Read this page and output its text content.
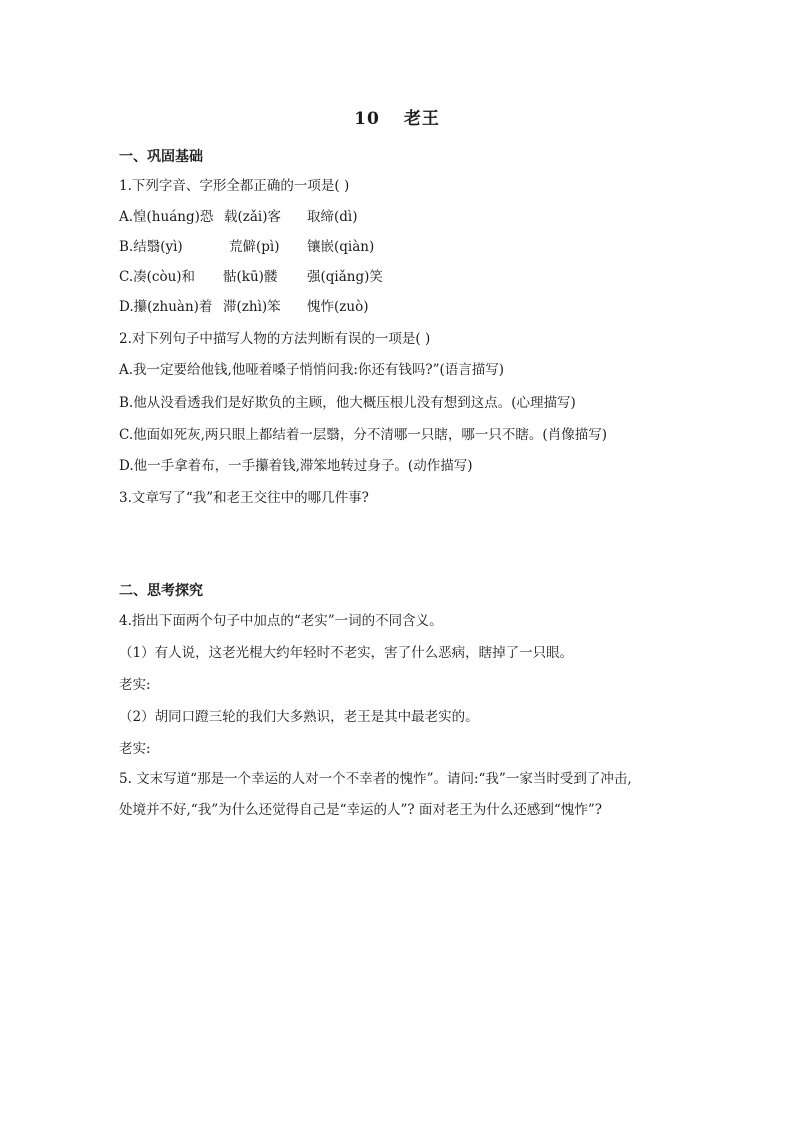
10 老王
一、巩固基础
1.下列字音、字形全都正确的一项是( )
A.惶(huáng)恐 载(zǎi)客 取缔(dì)
B.结翳(yì)	荒僻(pì) 镶嵌(qiàn)
C.凑(còu)和 骷(kū)髅 强(qiǎng)笑
D.攥(zhuàn)着 滞(zhì)笨 愧怍(zuò)
2.对下列句子中描写人物的方法判断有误的一项是( )
A.我一定要给他钱,他哑着嗓子悄悄问我:你还有钱吗?”(语言描写)
B.他从没看透我们是好欺负的主顾，他大概压根儿没有想到这点。(心理描写)
C.他面如死灰,两只眼上都结着一层翳，分不清哪一只瞎，哪一只不瞎。(肖像描写)
D.他一手拿着布，一手攥着钱,滞笨地转过身子。(动作描写)
3.文章写了“我”和老王交往中的哪几件事?
二、思考探究
4.指出下面两个句子中加点的“老实”一词的不同含义。
（1）有人说，这老光棍大约年轻时不老实，害了什么恶病，瞎掉了一只眼。
老实:
（2）胡同口蹬三轮的我们大多熟识，老王是其中最老实的。
老实:
5. 文末写道“那是一个幸运的人对一个不幸者的愧怍”。请问:“我”一家当时受到了冲击,
处境并不好,“我”为什么还觉得自己是“幸运的人”? 面对老王为什么还感到“愧怍”?
